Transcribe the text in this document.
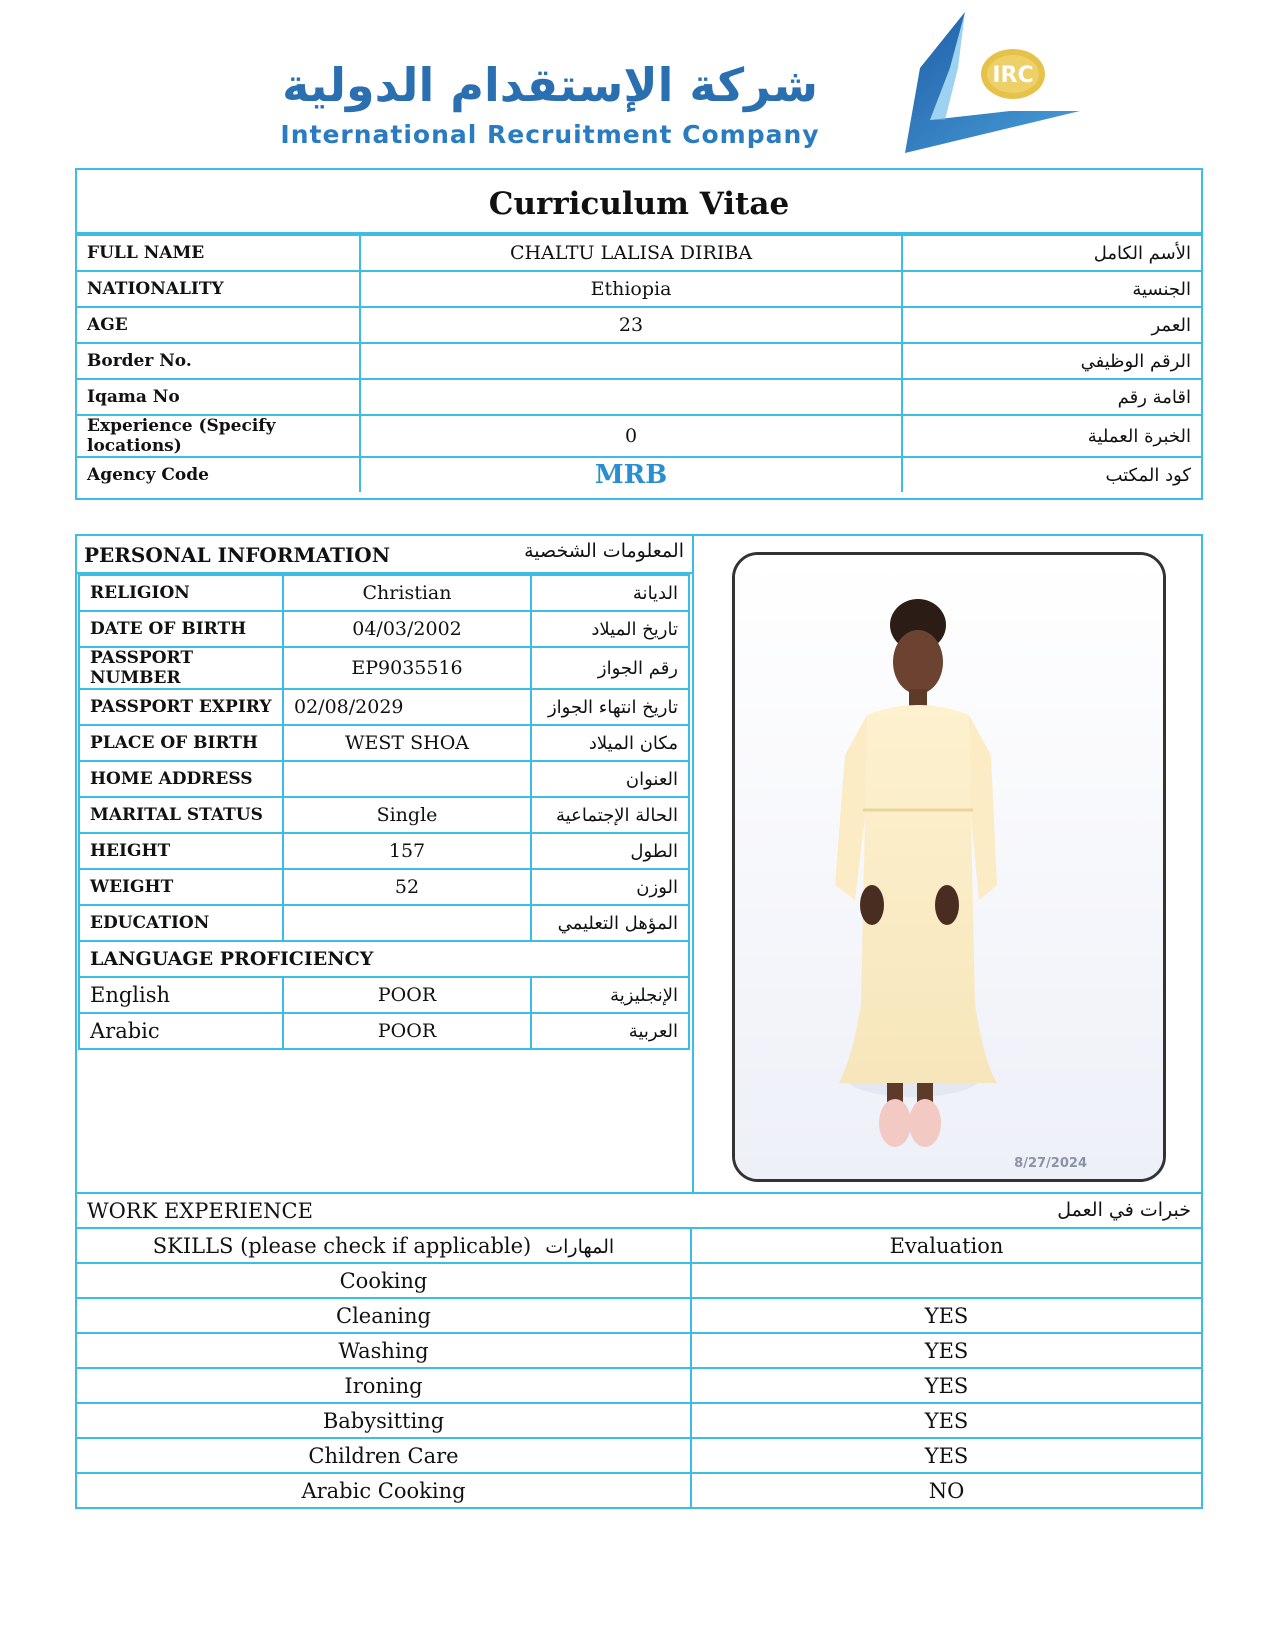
شركة الإستقدام الدولية
International Recruitment Company
IRC
Curriculum Vitae
FULL NAME	CHALTU LALISA DIRIBA	الأسم الكامل
NATIONALITY	Ethiopia	الجنسية
AGE	23	العمر
Border No.		الرقم الوظيفي
Iqama No		اقامة رقم
Experience (Specify locations)	0	الخبرة العملية
Agency Code	MRB	كود المكتب
PERSONAL INFORMATION	المعلومات الشخصية
RELIGION	Christian	الديانة
DATE OF BIRTH	04/03/2002	تاريخ الميلاد
PASSPORT NUMBER	EP9035516	رقم الجواز
PASSPORT EXPIRY	02/08/2029	تاريخ انتهاء الجواز
PLACE OF BIRTH	WEST SHOA	مكان الميلاد
HOME ADDRESS		العنوان
MARITAL STATUS	Single	الحالة الإجتماعية
HEIGHT	157	الطول
WEIGHT	52	الوزن
EDUCATION		المؤهل التعليمي
LANGUAGE PROFICIENCY		
English	POOR	الإنجليزية
Arabic	POOR	العربية
8/27/2024
WORK EXPERIENCE خبرات في العمل	

SKILLS (please check if applicable) المهارات	Evaluation
Cooking	
Cleaning	YES
Washing	YES
Ironing	YES
Babysitting	YES
Children Care	YES
Arabic Cooking	NO
